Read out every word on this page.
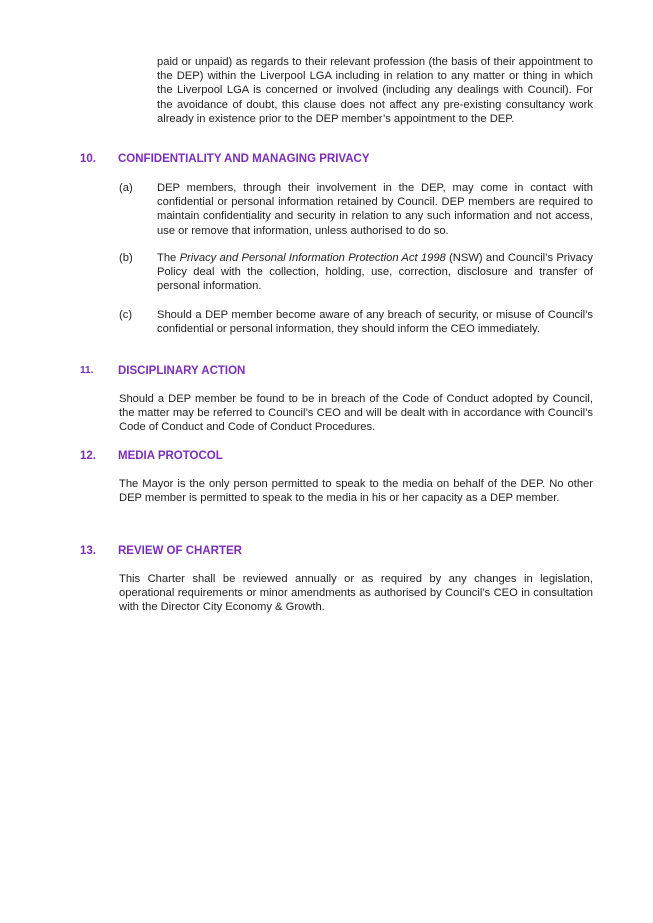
paid or unpaid) as regards to their relevant profession (the basis of their appointment to the DEP) within the Liverpool LGA including in relation to any matter or thing in which the Liverpool LGA is concerned or involved (including any dealings with Council). For the avoidance of doubt, this clause does not affect any pre-existing consultancy work already in existence prior to the DEP member’s appointment to the DEP.

10.	CONFIDENTIALITY AND MANAGING PRIVACY
(a) DEP members, through their involvement in the DEP, may come in contact with confidential or personal information retained by Council. DEP members are required to maintain confidentiality and security in relation to any such information and not access, use or remove that information, unless authorised to do so.

(b) The Privacy and Personal Information Protection Act 1998 (NSW) and Council’s Privacy Policy deal with the collection, holding, use, correction, disclosure and transfer of personal information.

(c) Should a DEP member become aware of any breach of security, or misuse of Council’s confidential or personal information, they should inform the CEO immediately.

11.	DISCIPLINARY ACTION

Should a DEP member be found to be in breach of the Code of Conduct adopted by Council, the matter may be referred to Council’s CEO and will be dealt with in accordance with Council’s Code of Conduct and Code of Conduct Procedures.

12.	MEDIA PROTOCOL

The Mayor is the only person permitted to speak to the media on behalf of the DEP. No other DEP member is permitted to speak to the media in his or her capacity as a DEP member.

13.	REVIEW OF CHARTER

This Charter shall be reviewed annually or as required by any changes in legislation, operational requirements or minor amendments as authorised by Council’s CEO in consultation with the Director City Economy & Growth.
